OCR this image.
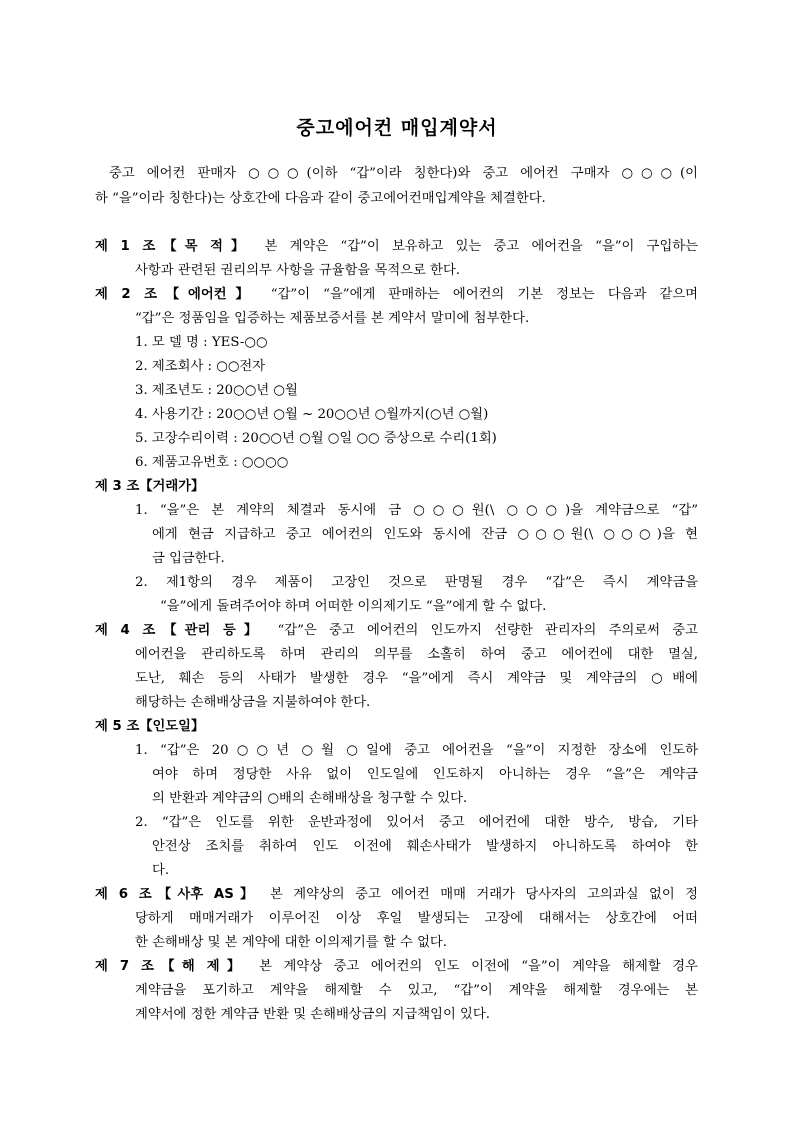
중고에어컨 매입계약서
중고 에어컨 판매자 ○○○(이하 “갑”이라 칭한다)와 중고 에어컨 구매자 ○○○(이
하 “을”이라 칭한다)는 상호간에 다음과 같이 중고에어컨매입계약을 체결한다.
제 1 조【목 적】 본 계약은 “갑”이 보유하고 있는 중고 에어컨을 “을”이 구입하는
사항과 관련된 권리의무 사항을 규율함을 목적으로 한다.
제 2 조【에어컨】 “갑”이 “을”에게 판매하는 에어컨의 기본 정보는 다음과 같으며
“갑”은 정품임을 입증하는 제품보증서를 본 계약서 말미에 첨부한다.
1. 모 델 명 : YES-○○
2. 제조회사 : ○○전자
3. 제조년도 : 20○○년 ○월
4. 사용기간 : 20○○년 ○월 ~ 20○○년 ○월까지(○년 ○월)
5. 고장수리이력 : 20○○년 ○월 ○일 ○○ 증상으로 수리(1회)
6. 제품고유번호 : ○○○○
제 3 조【거래가】
1. “을”은 본 계약의 체결과 동시에 금 ○○○원(\ ○○○)을 계약금으로 “갑”
에게 현금 지급하고 중고 에어컨의 인도와 동시에 잔금 ○○○원(\ ○○○)을 현
금 입금한다.
2. 제1항의 경우 제품이 고장인 것으로 판명될 경우 “갑”은 즉시 계약금을
“을”에게 돌려주어야 하며 어떠한 이의제기도 “을”에게 할 수 없다.
제 4 조【관리 등】 “갑”은 중고 에어컨의 인도까지 선량한 관리자의 주의로써 중고
에어컨을 관리하도록 하며 관리의 의무를 소홀히 하여 중고 에어컨에 대한 멸실,
도난, 훼손 등의 사태가 발생한 경우 “을”에게 즉시 계약금 및 계약금의 ○배에
해당하는 손해배상금을 지불하여야 한다.
제 5 조【인도일】
1. “갑”은 20○○년 ○월 ○일에 중고 에어컨을 “을”이 지정한 장소에 인도하
여야 하며 정당한 사유 없이 인도일에 인도하지 아니하는 경우 “을”은 계약금
의 반환과 계약금의 ○배의 손해배상을 청구할 수 있다.
2. “갑”은 인도를 위한 운반과정에 있어서 중고 에어컨에 대한 방수, 방습, 기타
안전상 조치를 취하여 인도 이전에 훼손사태가 발생하지 아니하도록 하여야 한
다.
제 6 조【사후 AS】 본 계약상의 중고 에어컨 매매 거래가 당사자의 고의과실 없이 정
당하게 매매거래가 이루어진 이상 후일 발생되는 고장에 대해서는 상호간에 어떠
한 손해배상 및 본 계약에 대한 이의제기를 할 수 없다.
제 7 조【해 제】 본 계약상 중고 에어컨의 인도 이전에 “을”이 계약을 해제할 경우
계약금을 포기하고 계약을 해제할 수 있고, “갑”이 계약을 해제할 경우에는 본
계약서에 정한 계약금 반환 및 손해배상금의 지급책임이 있다.
